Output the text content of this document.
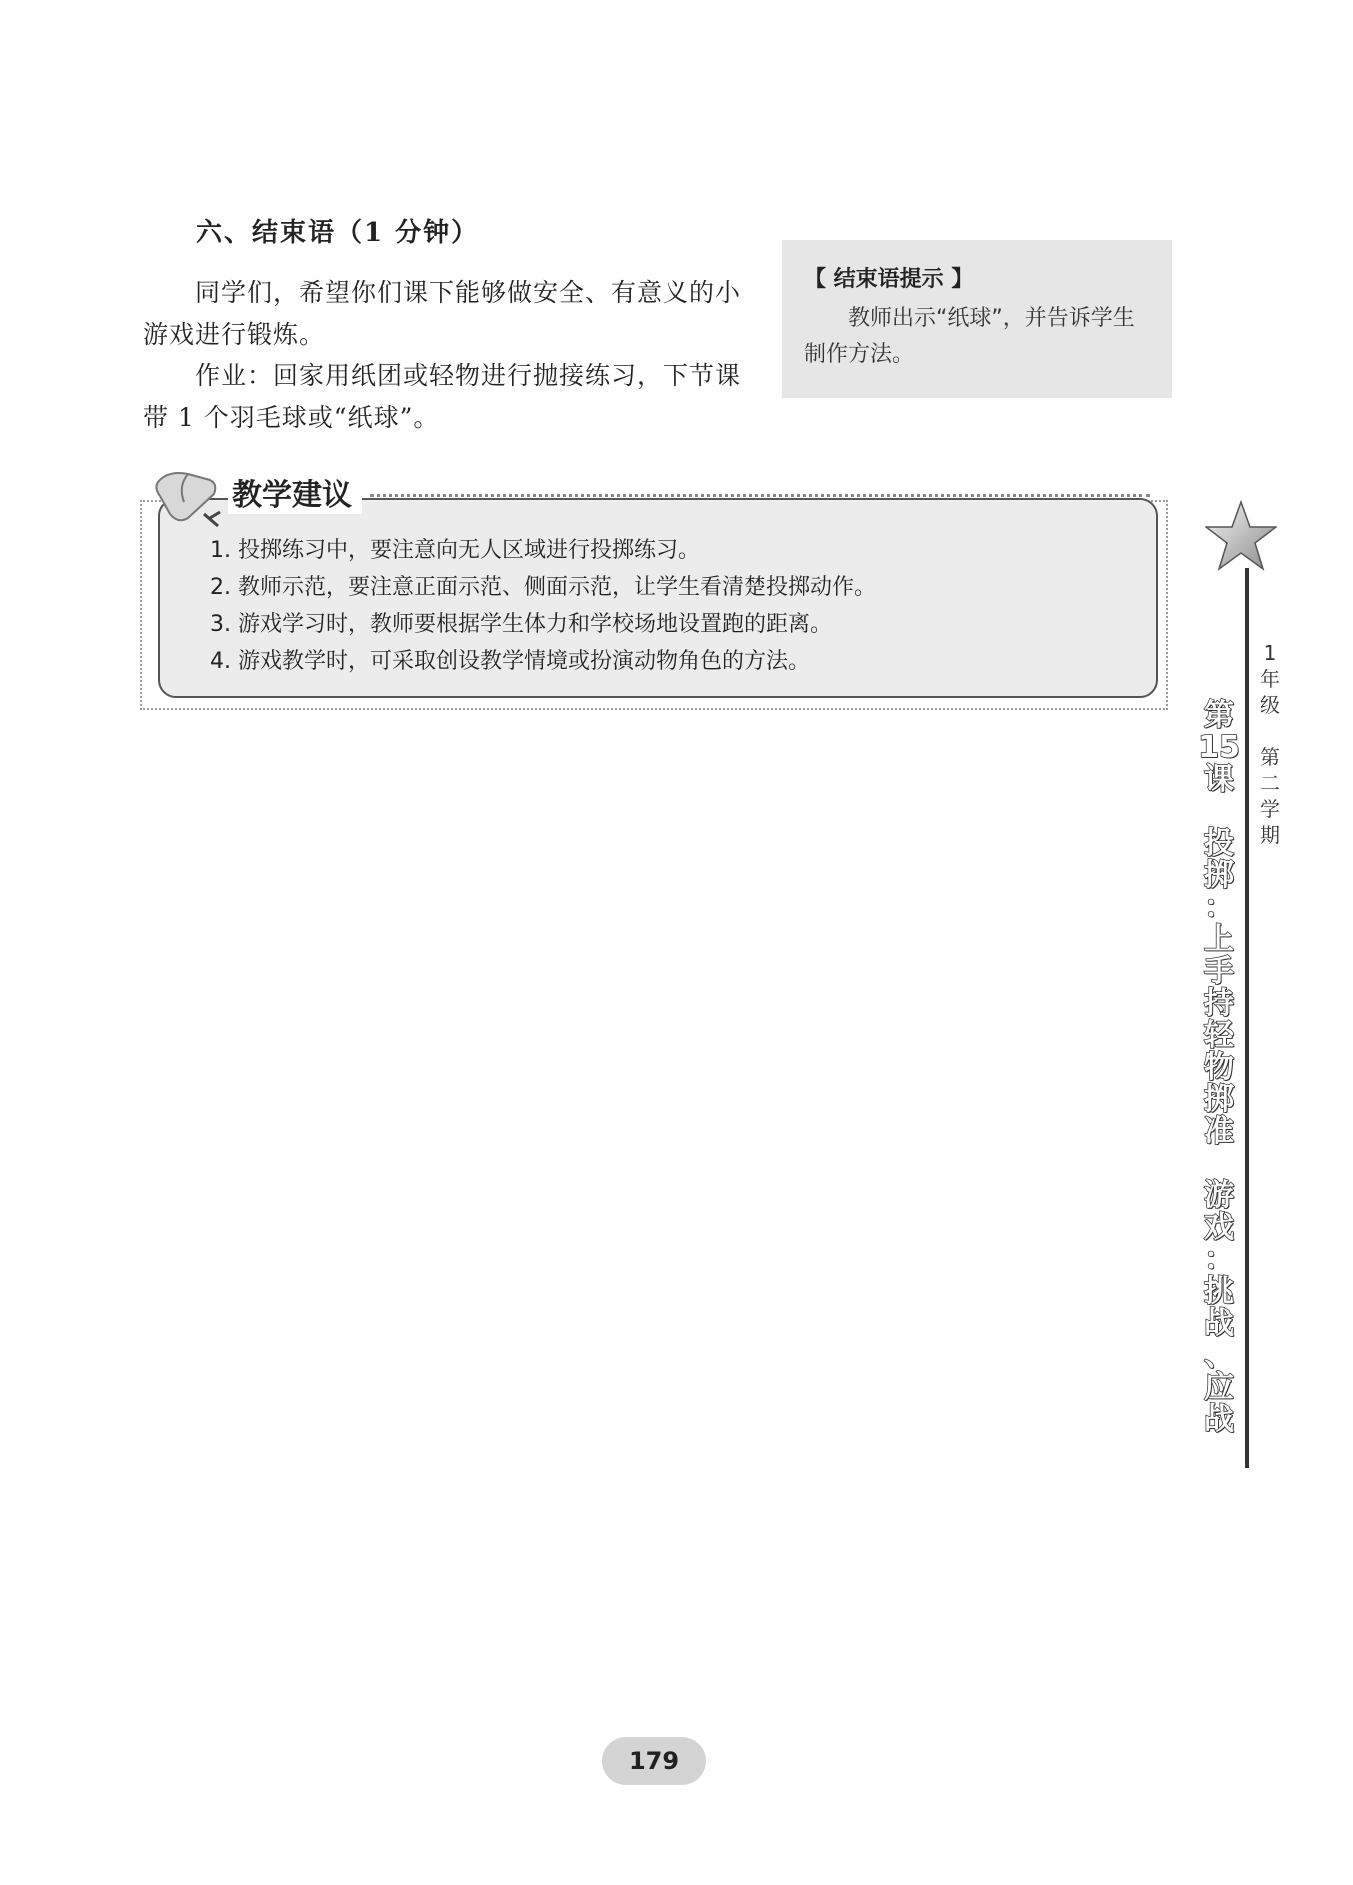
六、结束语（1 分钟）

同学们，希望你们课下能够做安全、有意义的小游戏进行锻炼。

作业：回家用纸团或轻物进行抛接练习，下节课带 1 个羽毛球或“纸球”。

【 结束语提示 】
教师出示“纸球”，并告诉学生制作方法。
教学建议
1. 投掷练习中，要注意向无人区域进行投掷练习。
2. 教师示范，要注意正面示范、侧面示范，让学生看清楚投掷动作。
3. 游戏学习时，教师要根据学生体力和学校场地设置跑的距离。
4. 游戏教学时，可采取创设教学情境或扮演动物角色的方法。	1
年
级

第
二
学
期
第
15
课

投
掷
：
上
手
持
轻
物
掷
准

游
戏
：
挑
战
、
应
战
179
